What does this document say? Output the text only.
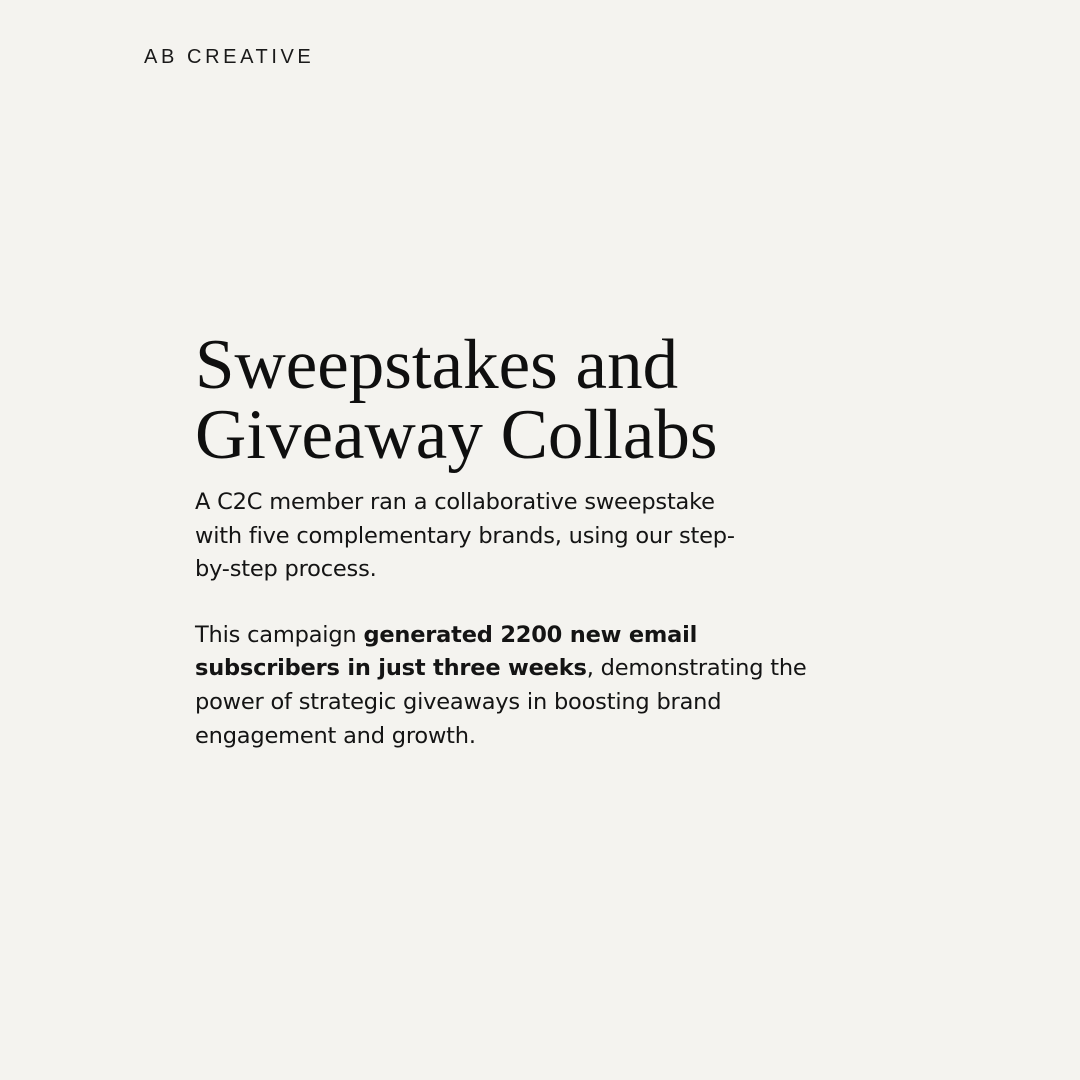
AB CREATIVE
Sweepstakes and
Giveaway Collabs

A C2C member ran a collaborative sweepstake
with five complementary brands, using our step-
by-step process.

This campaign generated 2200 new email
subscribers in just three weeks, demonstrating the
power of strategic giveaways in boosting brand
engagement and growth.
